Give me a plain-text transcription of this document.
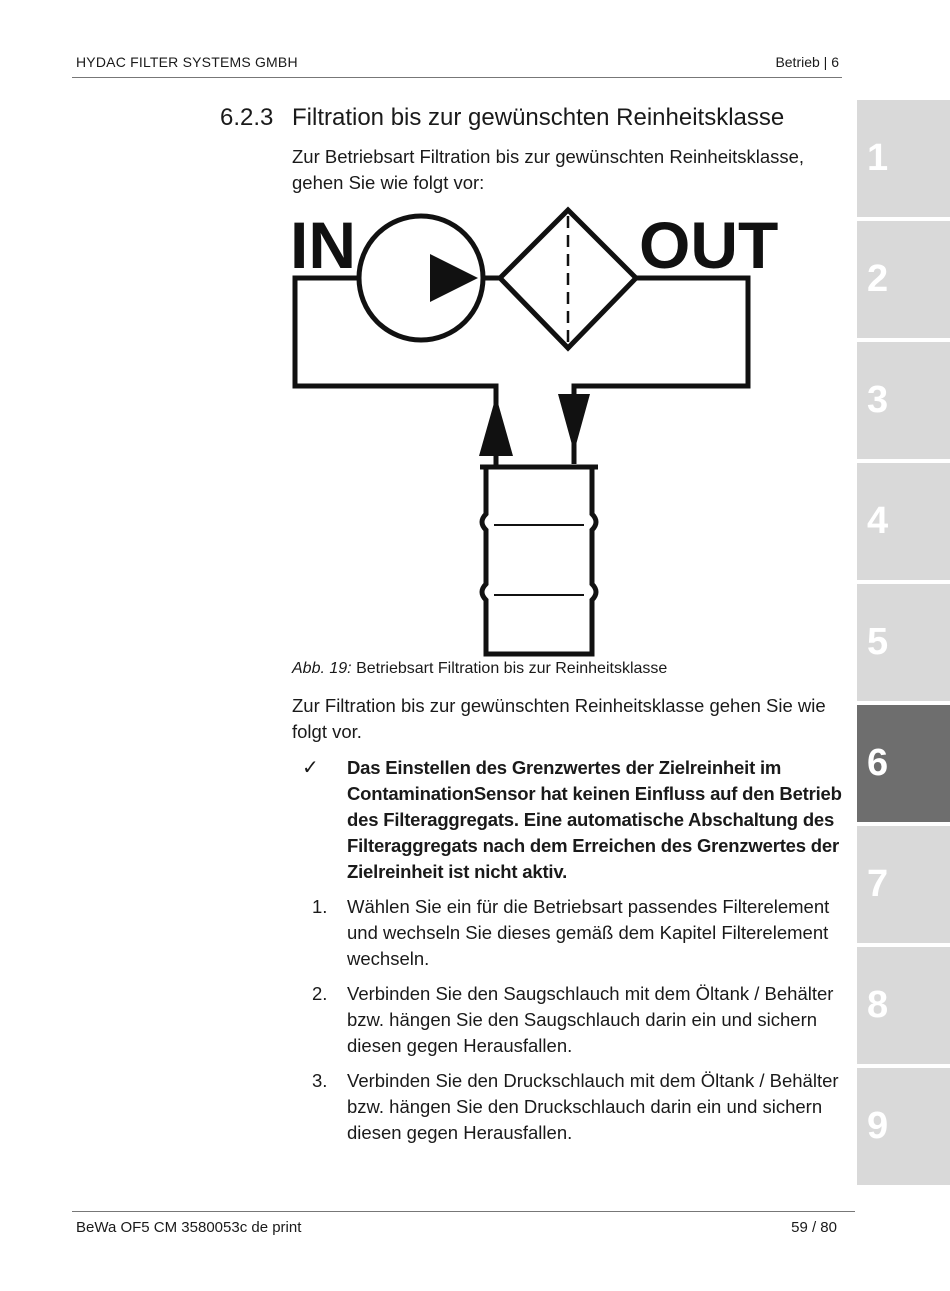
HYDAC FILTER SYSTEMS GMBH	Betrieb | 6
1
2
3
4
5
6
7
8
9
6.2.3 Filtration bis zur gewünschten Reinheitsklasse
Zur Betriebsart Filtration bis zur gewünschten Reinheitsklasse, gehen Sie wie folgt vor:
IN	OUT
Abb. 19: Betriebsart Filtration bis zur Reinheitsklasse
Zur Filtration bis zur gewünschten Reinheitsklasse gehen Sie wie folgt vor.
✓ Das Einstellen des Grenzwertes der Zielreinheit im ContaminationSensor hat keinen Einfluss auf den Betrieb des Filteraggregats. Eine automatische Abschaltung des Filteraggregats nach dem Erreichen des Grenzwertes der Zielreinheit ist nicht aktiv.
1. Wählen Sie ein für die Betriebsart passendes Filterelement und wechseln Sie dieses gemäß dem Kapitel Filterelement wechseln.
2. Verbinden Sie den Saugschlauch mit dem Öltank / Behälter bzw. hängen Sie den Saugschlauch darin ein und sichern diesen gegen Herausfallen.
3. Verbinden Sie den Druckschlauch mit dem Öltank / Behälter bzw. hängen Sie den Druckschlauch darin ein und sichern diesen gegen Herausfallen.
BeWa OF5 CM 3580053c de print	59 / 80
